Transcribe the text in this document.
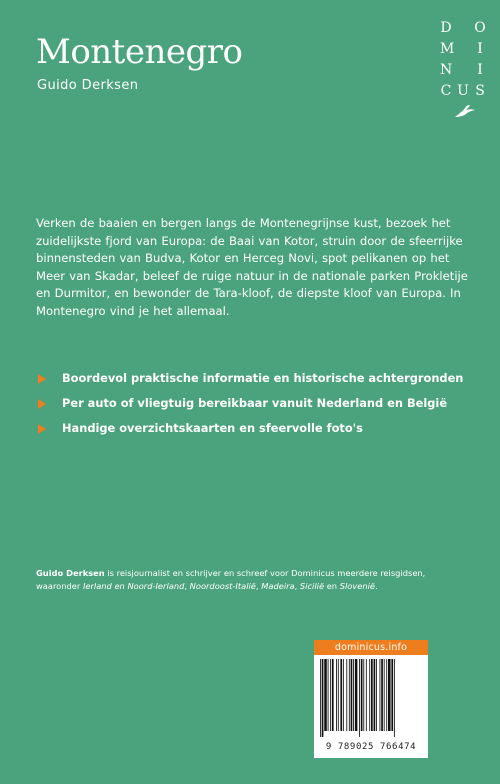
Montenegro
Guido Derksen
D O
M I
N I
C U S

Verken de baaien en bergen langs de Montenegrijnse kust, bezoek het zuidelijkste fjord van Europa: de Baai van Kotor, struin door de sfeerrijke binnensteden van Budva, Kotor en Herceg Novi, spot pelikanen op het Meer van Skadar, beleef de ruige natuur in de nationale parken Prokletije en Durmitor, en bewonder de Tara-kloof, de diepste kloof van Europa. In Montenegro vind je het allemaal.

Boordevol praktische informatie en historische achtergronden
Per auto of vliegtuig bereikbaar vanuit Nederland en België
Handige overzichtskaarten en sfeervolle foto's

Guido Derksen is reisjournalist en schrijver en schreef voor Dominicus meerdere reisgidsen, waaronder Ierland en Noord-Ierland, Noordoost-Italië, Madeira, Sicilië en Slovenië.

dominicus.info
9 789025 766474
